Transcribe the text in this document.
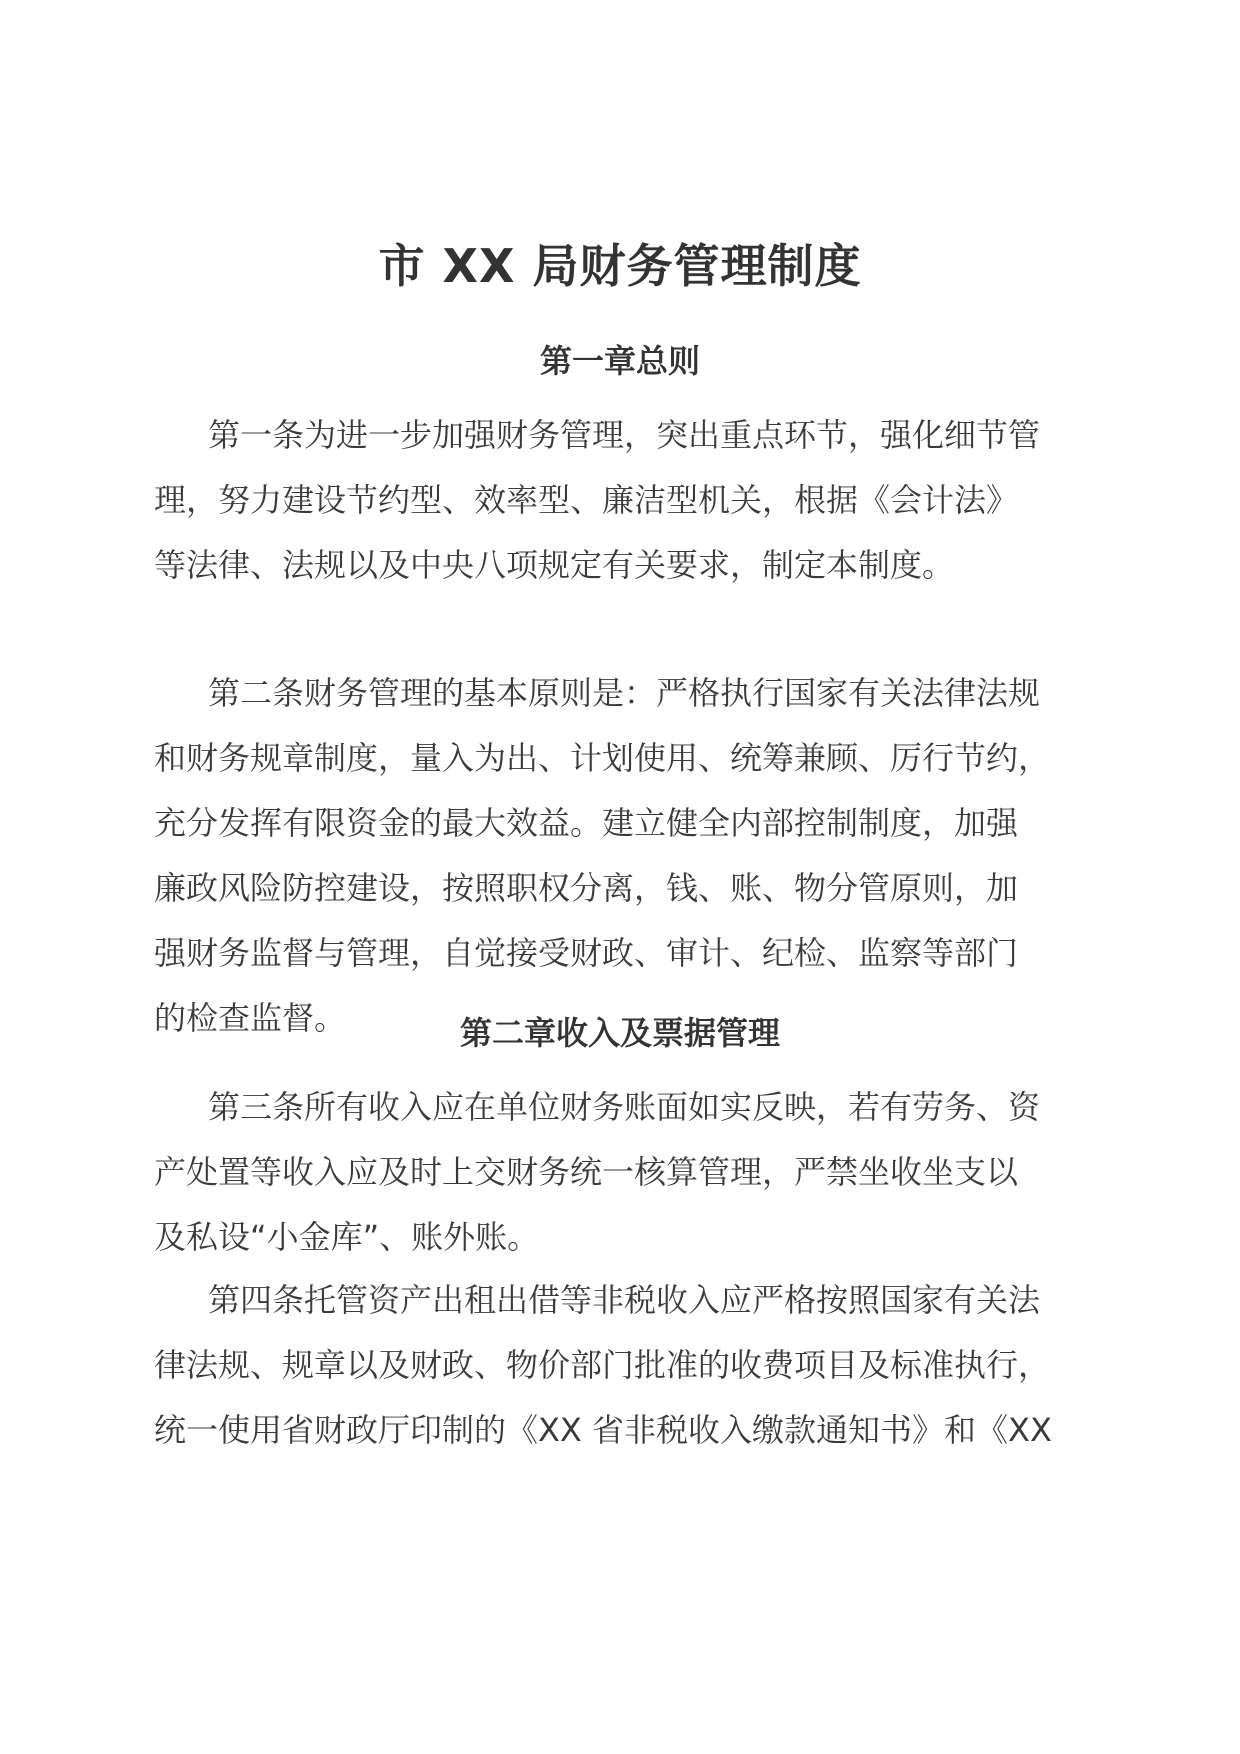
市 XX 局财务管理制度
第一章总则
第一条为进一步加强财务管理，突出重点环节，强化细节管
理，努力建设节约型、效率型、廉洁型机关，根据《会计法》
等法律、法规以及中央八项规定有关要求，制定本制度。
第二条财务管理的基本原则是：严格执行国家有关法律法规
和财务规章制度，量入为出、计划使用、统筹兼顾、厉行节约，
充分发挥有限资金的最大效益。建立健全内部控制制度，加强
廉政风险防控建设，按照职权分离，钱、账、物分管原则，加
强财务监督与管理，自觉接受财政、审计、纪检、监察等部门
的检查监督。	第二章收入及票据管理
第三条所有收入应在单位财务账面如实反映，若有劳务、资
产处置等收入应及时上交财务统一核算管理，严禁坐收坐支以
及私设“小金库”、账外账。
第四条托管资产出租出借等非税收入应严格按照国家有关法
律法规、规章以及财政、物价部门批准的收费项目及标准执行，
统一使用省财政厅印制的《XX 省非税收入缴款通知书》和《XX
